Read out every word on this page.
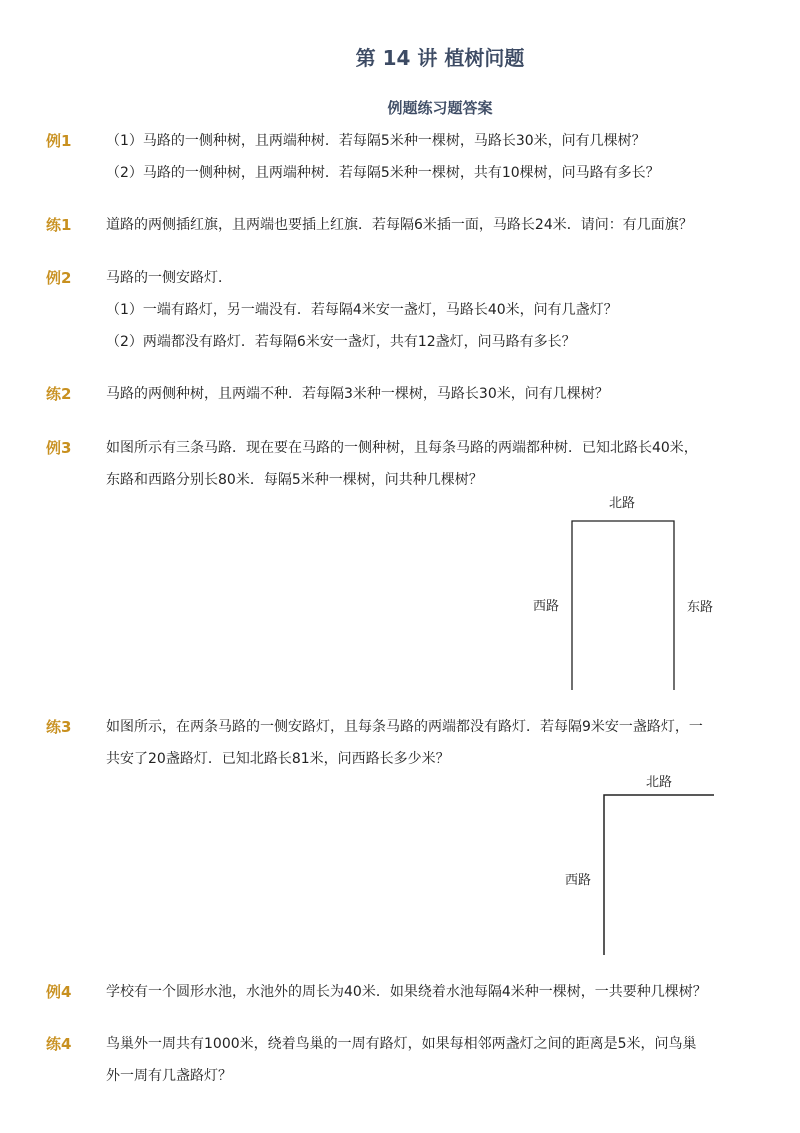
第 14 讲 植树问题
例题练习题答案
例1 （1）马路的一侧种树，且两端种树．若每隔5米种一棵树，马路长30米，问有几棵树？
（2）马路的一侧种树，且两端种树．若每隔5米种一棵树，共有10棵树，问马路有多长？
练1 道路的两侧插红旗，且两端也要插上红旗．若每隔6米插一面，马路长24米．请问：有几面旗？
例2 马路的一侧安路灯．
（1）一端有路灯，另一端没有．若每隔4米安一盏灯，马路长40米，问有几盏灯？
（2）两端都没有路灯．若每隔6米安一盏灯，共有12盏灯，问马路有多长？
练2 马路的两侧种树，且两端不种．若每隔3米种一棵树，马路长30米，问有几棵树？
例3 如图所示有三条马路．现在要在马路的一侧种树，且每条马路的两端都种树．已知北路长40米，
东路和西路分别长80米．每隔5米种一棵树，问共种几棵树？
北路
西路	东路
练3 如图所示，在两条马路的一侧安路灯，且每条马路的两端都没有路灯．若每隔9米安一盏路灯，一
共安了20盏路灯．已知北路长81米，问西路长多少米？
北路
西路
例4 学校有一个圆形水池，水池外的周长为40米．如果绕着水池每隔4米种一棵树，一共要种几棵树？
练4 鸟巢外一周共有1000米，绕着鸟巢的一周有路灯，如果每相邻两盏灯之间的距离是5米，问鸟巢
外一周有几盏路灯？
